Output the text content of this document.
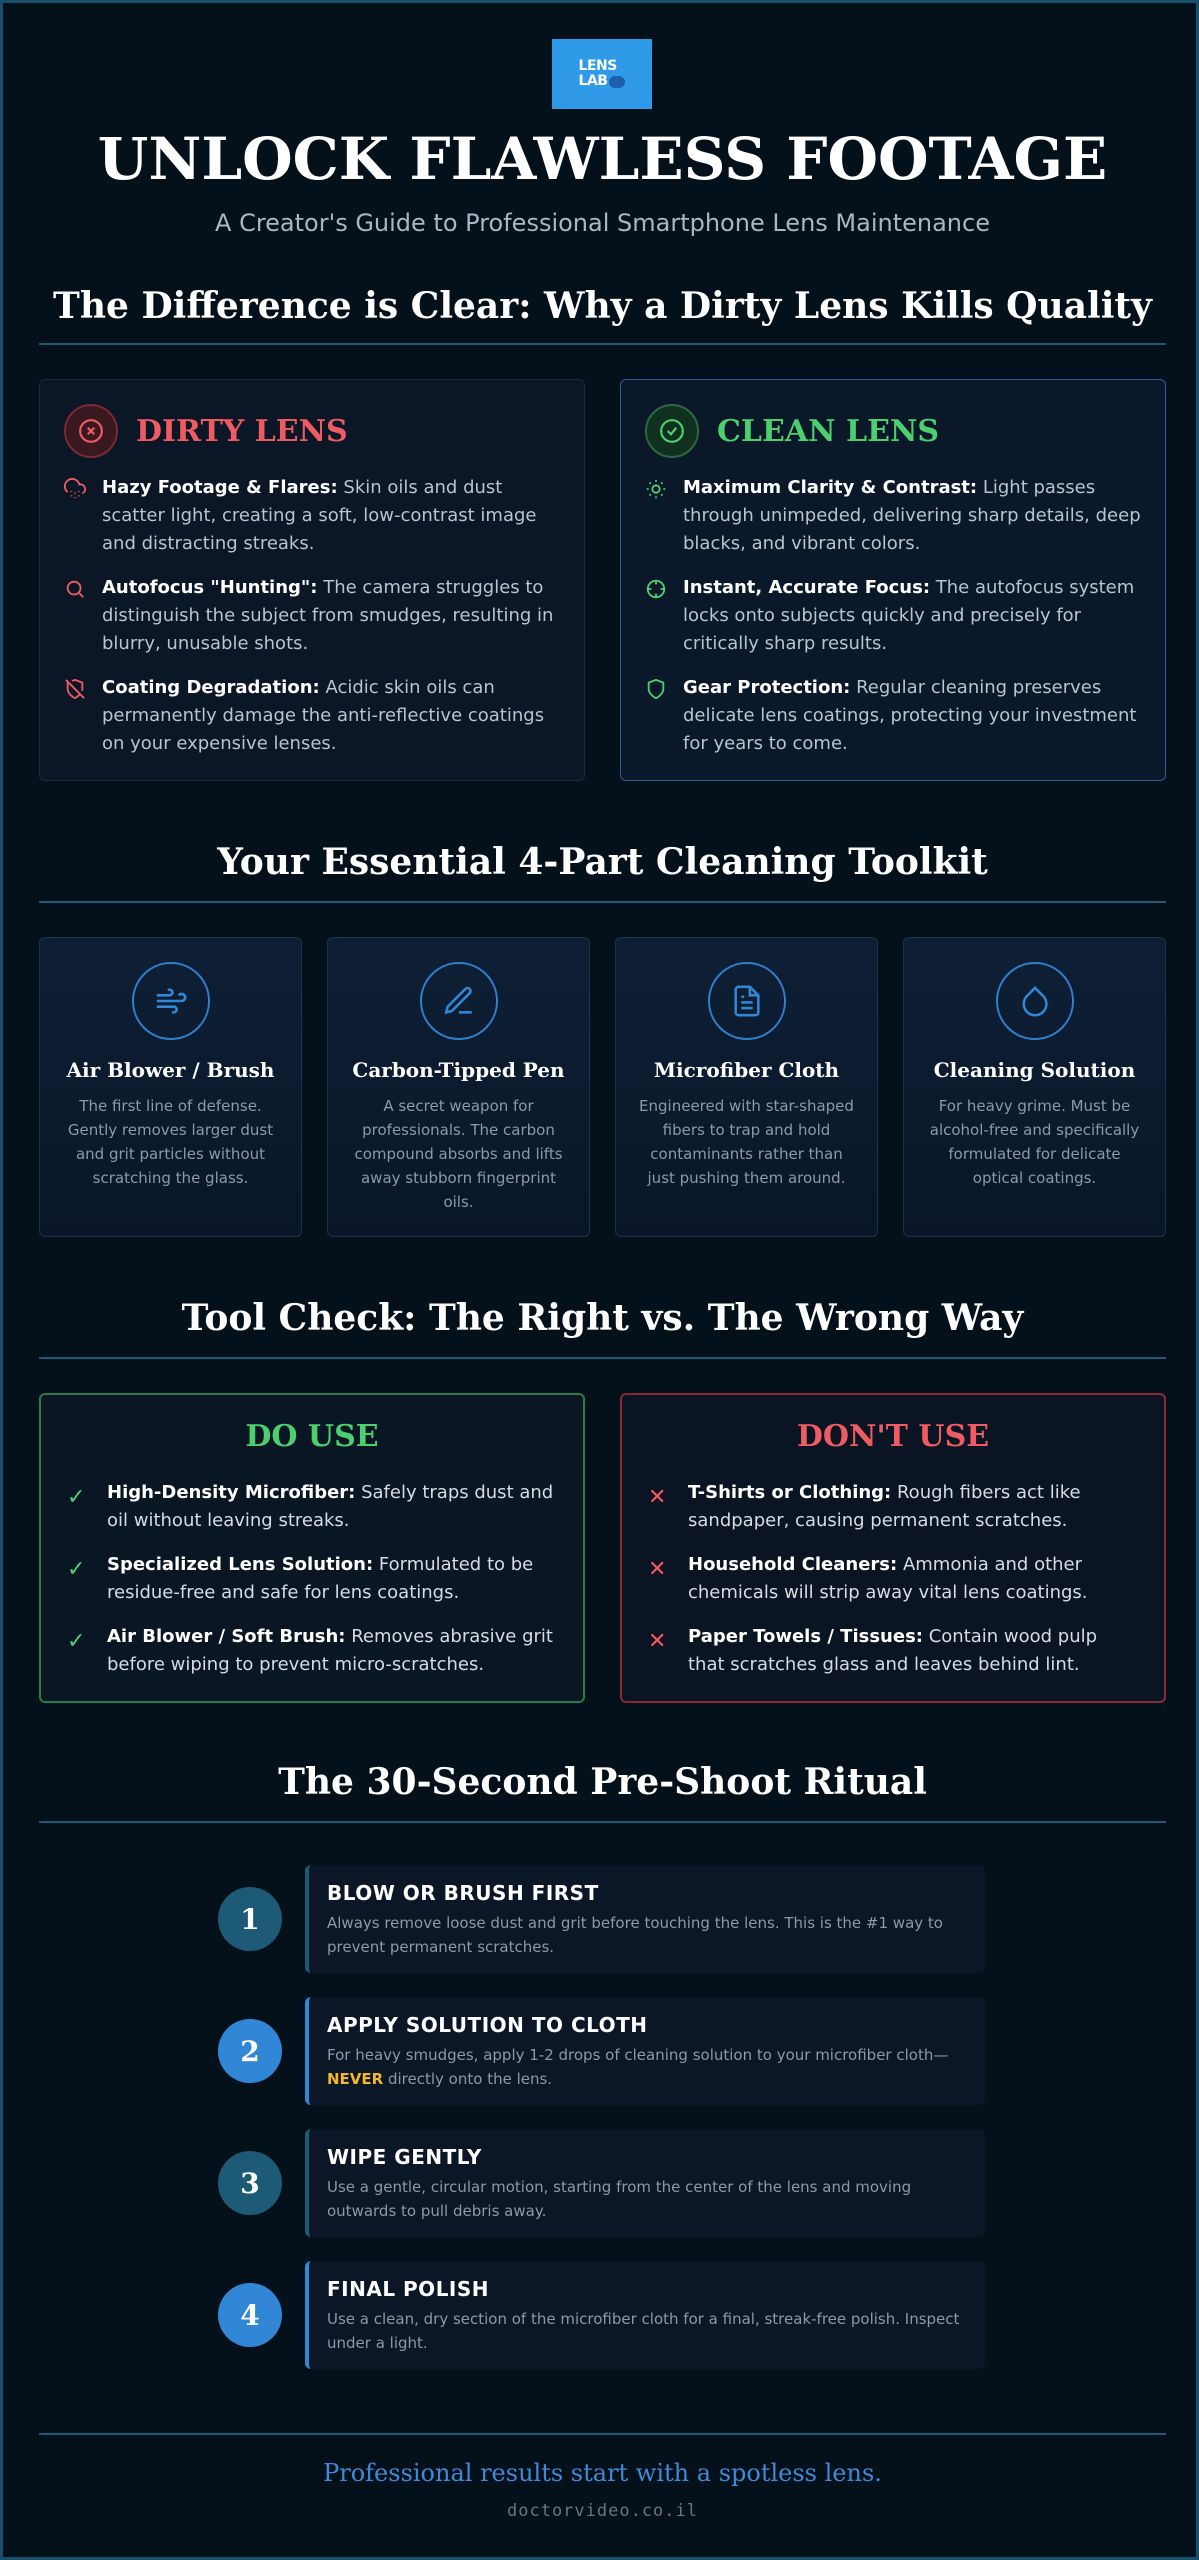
LENS
LAB
UNLOCK FLAWLESS FOOTAGE
A Creator's Guide to Professional Smartphone Lens Maintenance
The Difference is Clear: Why a Dirty Lens Kills Quality
DIRTY LENS
Hazy Footage & Flares: Skin oils and dust scatter light, creating a soft, low-contrast image and distracting streaks.
Autofocus "Hunting": The camera struggles to distinguish the subject from smudges, resulting in blurry, unusable shots.
Coating Degradation: Acidic skin oils can permanently damage the anti-reflective coatings on your expensive lenses.
CLEAN LENS
Maximum Clarity & Contrast: Light passes through unimpeded, delivering sharp details, deep blacks, and vibrant colors.
Instant, Accurate Focus: The autofocus system locks onto subjects quickly and precisely for critically sharp results.
Gear Protection: Regular cleaning preserves delicate lens coatings, protecting your investment for years to come.
Your Essential 4-Part Cleaning Toolkit
Air Blower / Brush
The first line of defense. Gently removes larger dust and grit particles without scratching the glass.
Carbon-Tipped Pen
A secret weapon for professionals. The carbon compound absorbs and lifts away stubborn fingerprint oils.
Microfiber Cloth
Engineered with star-shaped fibers to trap and hold contaminants rather than just pushing them around.
Cleaning Solution
For heavy grime. Must be alcohol-free and specifically formulated for delicate optical coatings.
Tool Check: The Right vs. The Wrong Way
DO USE
✓ High-Density Microfiber: Safely traps dust and oil without leaving streaks.
✓ Specialized Lens Solution: Formulated to be residue-free and safe for lens coatings.
✓ Air Blower / Soft Brush: Removes abrasive grit before wiping to prevent micro-scratches.
DON'T USE
✕ T-Shirts or Clothing: Rough fibers act like sandpaper, causing permanent scratches.
✕ Household Cleaners: Ammonia and other chemicals will strip away vital lens coatings.
✕ Paper Towels / Tissues: Contain wood pulp that scratches glass and leaves behind lint.
The 30-Second Pre-Shoot Ritual
1
BLOW OR BRUSH FIRST
Always remove loose dust and grit before touching the lens. This is the #1 way to prevent permanent scratches.
2
APPLY SOLUTION TO CLOTH
For heavy smudges, apply 1-2 drops of cleaning solution to your microfiber cloth—NEVER directly onto the lens.
3
WIPE GENTLY
Use a gentle, circular motion, starting from the center of the lens and moving outwards to pull debris away.
4
FINAL POLISH
Use a clean, dry section of the microfiber cloth for a final, streak-free polish. Inspect under a light.
Professional results start with a spotless lens.
doctorvideo.co.il
